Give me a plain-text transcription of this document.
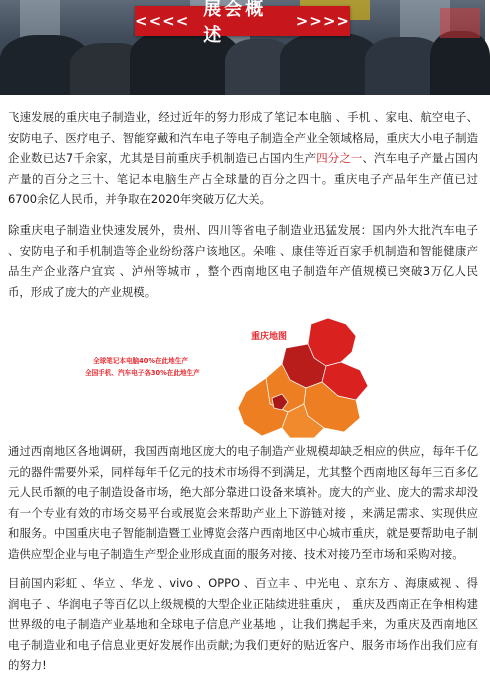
<<<<
展会概述
>>>>

飞速发展的重庆电子制造业，经过近年的努力形成了笔记本电脑 、手机 、家电、航空电子、安防电子、医疗电子、智能穿戴和汽车电子等电子制造全产业全领域格局，重庆大小电子制造企业数已达7千余家，尤其是目前重庆手机制造已占国内生产四分之一、汽车电子产量占国内产量的百分之三十、笔记本电脑生产占全球量的百分之四十。重庆电子产品年生产值已过6700余亿人民币，并争取在2020年突破万亿大关。

除重庆电子制造业快速发展外，贵州、四川等省电子制造业迅猛发展：国内外大批汽车电子 、安防电子和手机制造等企业纷纷落户该地区。朵唯 、康佳等近百家手机制造和智能健康产品生产企业落户宜宾 、泸州等城市 ，整个西南地区电子制造年产值规模已突破3万亿人民币，形成了庞大的产业规模。

重庆地图
全球笔记本电脑40%在此地生产
全国手机、汽车电子各30%在此地生产

通过西南地区各地调研，我国西南地区庞大的电子制造产业规模却缺乏相应的供应，每年千亿元的器件需要外采，同样每年千亿元的技术市场得不到满足，尤其整个西南地区每年三百多亿元人民币额的电子制造设备市场，绝大部分靠进口设备来填补。庞大的产业、庞大的需求却没有一个专业有效的市场交易平台或展览会来帮助产业上下游链对接 ，来满足需求、实现供应和服务。中国重庆电子智能制造暨工业博览会落户西南地区中心城市重庆，就是要帮助电子制造供应型企业与电子制造生产型企业形成直面的服务对接、技术对接乃至市场和采购对接。

目前国内彩虹 、华立 、华龙 、vivo 、OPPO 、百立丰 、中光电 、京东方 、海康威视 、得润电子 、华润电子等百亿以上级规模的大型企业正陆续进驻重庆 ， 重庆及西南正在争相构建世界级的电子制造产业基地和全球电子信息产业基地 ，让我们携起手来，为重庆及西南地区电子制造业和电子信息业更好发展作出贡献;为我们更好的贴近客户、服务市场作出我们应有的努力!
